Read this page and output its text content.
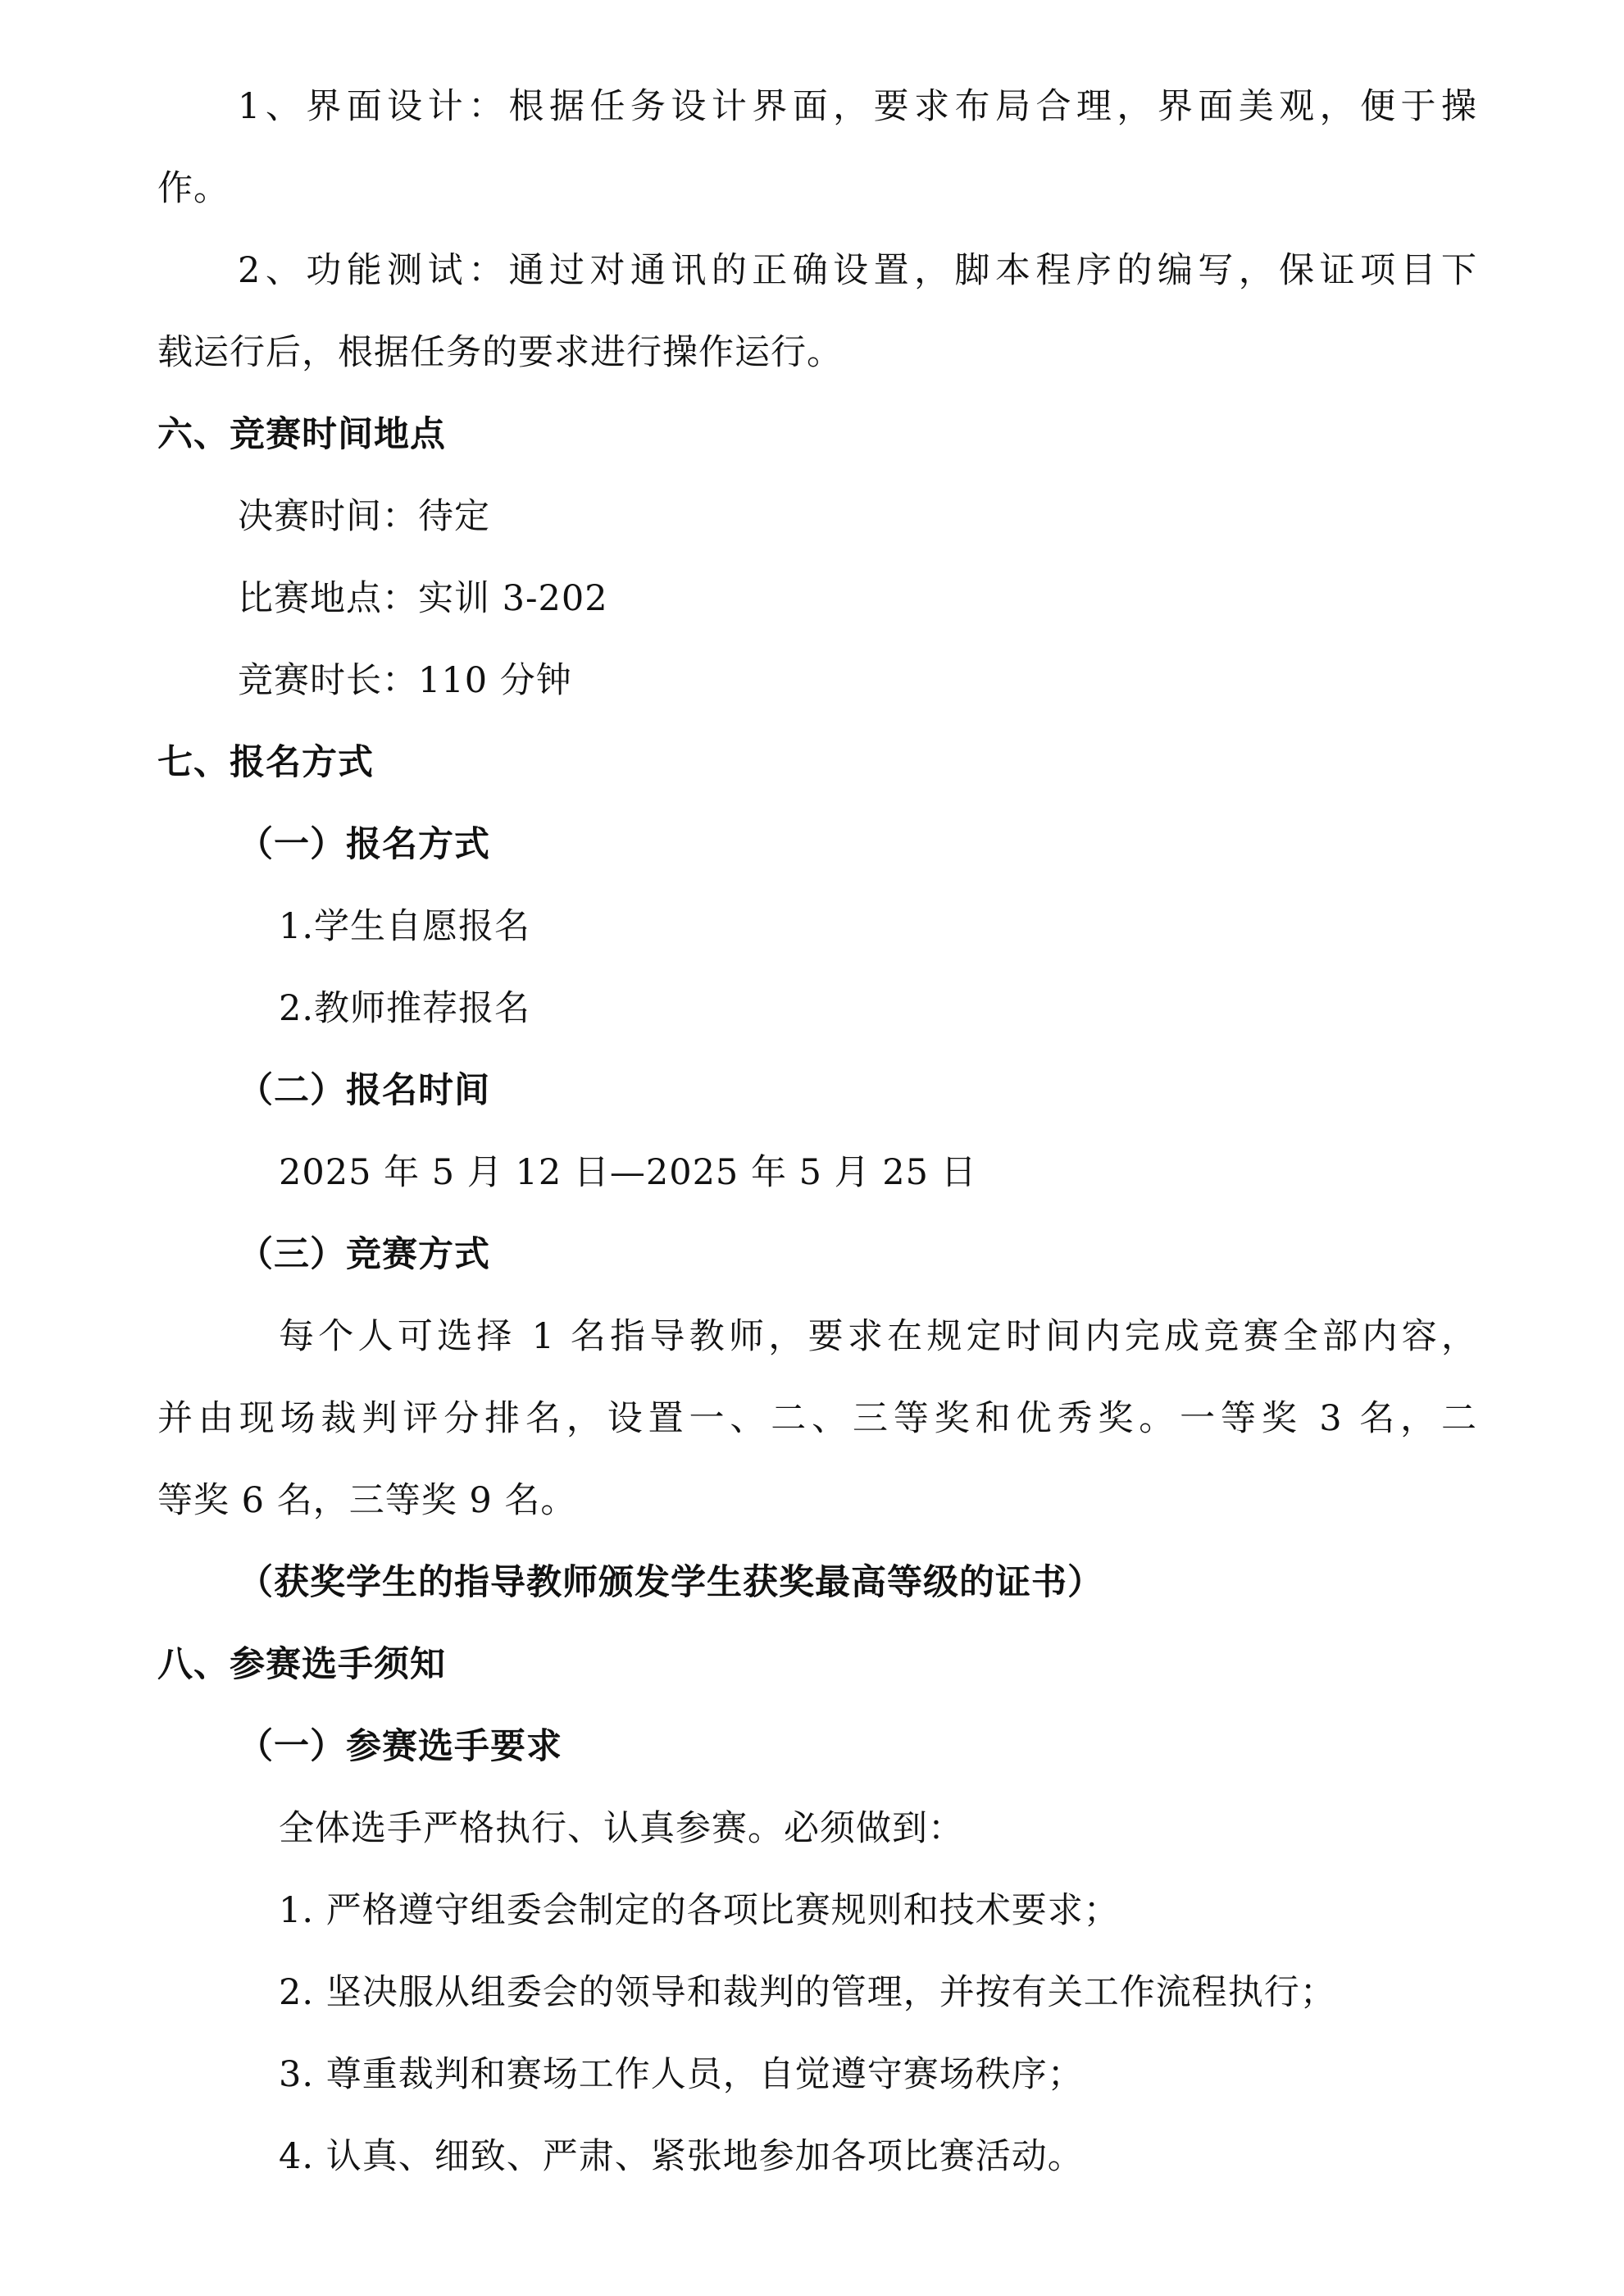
1、界面设计：根据任务设计界面，要求布局合理，界面美观，便于操
作。
2、功能测试：通过对通讯的正确设置，脚本程序的编写，保证项目下
载运行后，根据任务的要求进行操作运行。
六、竞赛时间地点
决赛时间：待定
比赛地点：实训 3-202
竞赛时长：110 分钟
七、报名方式
（一）报名方式
1.学生自愿报名
2.教师推荐报名
（二）报名时间
2025 年 5 月 12 日—2025 年 5 月 25 日
（三）竞赛方式
每个人可选择 1 名指导教师，要求在规定时间内完成竞赛全部内容，
并由现场裁判评分排名，设置一、二、三等奖和优秀奖。一等奖 3 名，二
等奖 6 名，三等奖 9 名。
（获奖学生的指导教师颁发学生获奖最高等级的证书）
八、参赛选手须知
（一）参赛选手要求
全体选手严格执行、认真参赛。必须做到：
1. 严格遵守组委会制定的各项比赛规则和技术要求；
2. 坚决服从组委会的领导和裁判的管理，并按有关工作流程执行；
3. 尊重裁判和赛场工作人员，自觉遵守赛场秩序；
4. 认真、细致、严肃、紧张地参加各项比赛活动。
